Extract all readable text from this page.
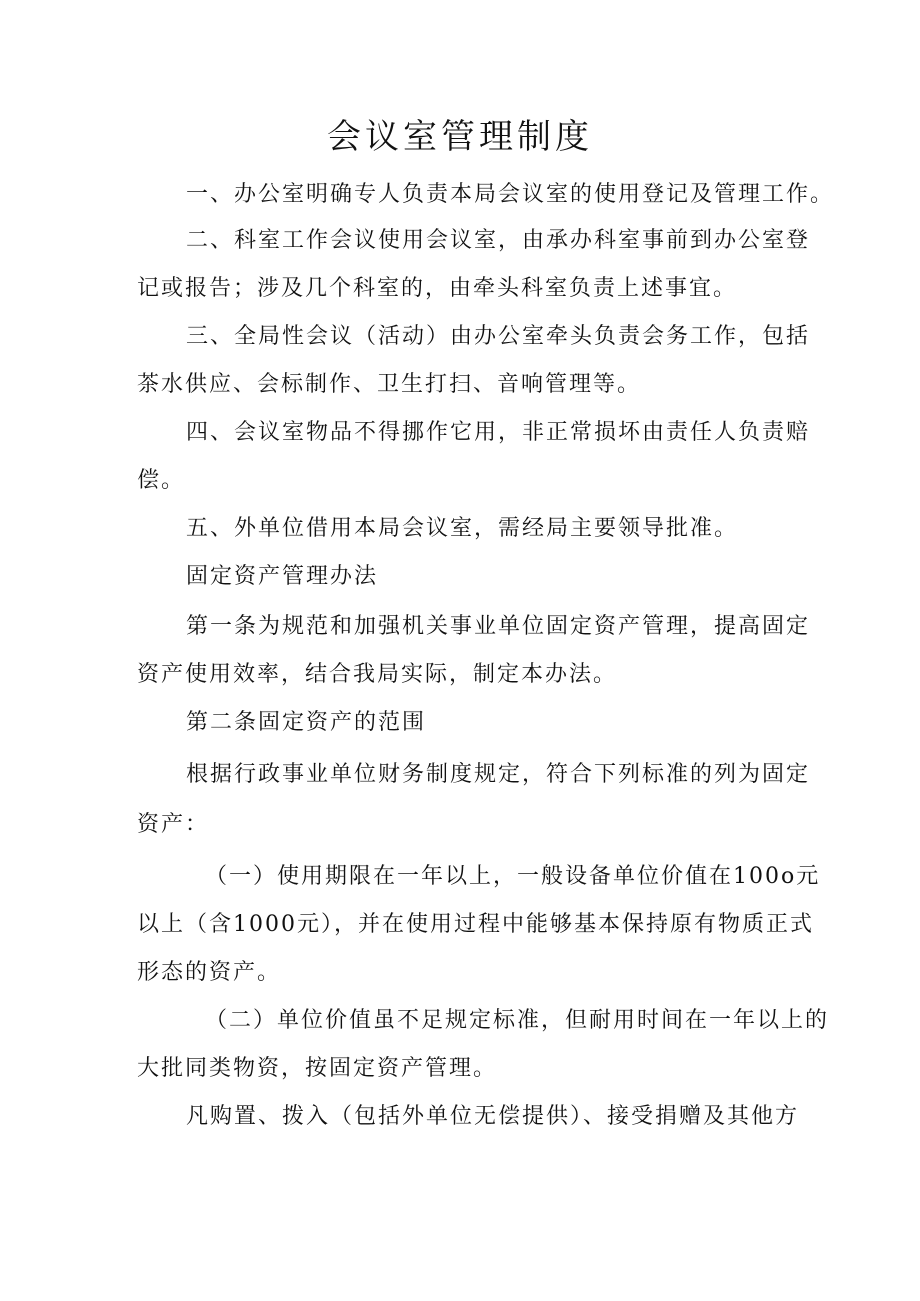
会议室管理制度
一、办公室明确专人负责本局会议室的使用登记及管理工作。
二、科室工作会议使用会议室，由承办科室事前到办公室登
记或报告；涉及几个科室的，由牵头科室负责上述事宜。
三、全局性会议（活动）由办公室牵头负责会务工作，包括
茶水供应、会标制作、卫生打扫、音响管理等。
四、会议室物品不得挪作它用，非正常损坏由责任人负责赔
偿。
五、外单位借用本局会议室，需经局主要领导批准。
固定资产管理办法
第一条为规范和加强机关事业单位固定资产管理，提高固定
资产使用效率，结合我局实际，制定本办法。
第二条固定资产的范围
根据行政事业单位财务制度规定，符合下列标准的列为固定
资产：
（一）使用期限在一年以上，一般设备单位价值在100o元
以上（含1000元），并在使用过程中能够基本保持原有物质正式
形态的资产。
（二）单位价值虽不足规定标准，但耐用时间在一年以上的
大批同类物资，按固定资产管理。
凡购置、拨入（包括外单位无偿提供）、接受捐赠及其他方
